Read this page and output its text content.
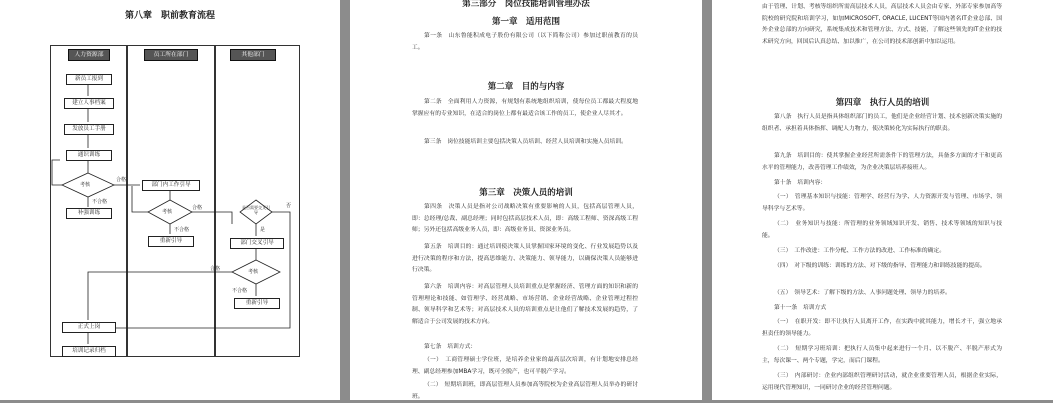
第八章　职前教育流程
人力资源部	员工所在部门	其他部门
新员工报到
建立人事档案
发放员工手册
通识训练
考核
补强训练
合格
不合格
部门内工作引导
考核
合格
不合格
重新引导
是否需要交叉引导
否
是
部门交叉引导
考核
合格
不合格
重新引导
正式上岗
培训记录归档
第三部分　岗位技能培训管理办法
第一章　适用范围
第一条　山东鲁能积成电子股份有限公司（以下简称公司）参加过职前教育的员工。
第二章　目的与内容
第二条　全面利用人力资源，有规划有系统地组织培训，使每位员工都最大程度地掌握应有的专业知识，在适合的岗位上都有最适合该工作的员工，使企业人尽其才。
第三条　岗位技能培训主要包括决策人员培训、经营人员培训和实施人员培训。
第三章　决策人员的培训
第四条　决策人员是指对公司战略决策有重要影响的人员，包括高层管理人员，即：总经理/总裁、副总经理；同时包括高层技术人员，即：高级工程师、资深高级工程师；另外还包括高级业务人员，即：高级业务员、资深业务员。
第五条　培训目的：通过培训使决策人员掌握国家环境的变化、行业发展趋势以及进行决策的程序和方法，提高思维能力、决策能力、领导能力，以确保决策人员能够进行决策。
第六条　培训内容：对高层管理人员培训重点是掌握经济、管理方面的知识和新的管理理论和技能、如管理学、经营战略、市场营销、企业经营战略、企业管理过程控制、领导科学和艺术等；对高层技术人员的培训重点是让他们了解技术发展的趋势，了解适合于公司发展的技术方向。
第七条　培训方式：
（一）　工商管理硕士学位班，是培养企业家的最高层次培训，有计划地安排总经理、副总经理参加MBA学习，既可全脱产，也可半脱产学习。
（二）　短期培训班，即高层管理人员参加高等院校为企业高层管理人员举办的研讨班。
由于管理、计划、考核等组织所需高层技术人员，高层技术人员会由专家、外部专家参加高等院校的研究院和培训学习，如加MICROSOFT, ORACLE, LUCENT等国内著名IT企业总部、国外企业总部的方向研究，系统集成技术和管理方法、方式、技能，了解这些领先的IT企业的技术研究方向，回国后认真总结、加以推广，在公司的技术部创新中加以运用。
第四章　执行人员的培训
第八条　执行人员是指具体组织部门的员工，他们是企业经营计划、技术创新决策实施的组织者、承担着具体指挥、调配人力物力，使决策转化为实际执行的职责。
第九条　培训目的：使其掌握企业经营所需条件下的管理方法，具备多方面的才干和更高水平的管理能力，改善管理工作绩效，为企业决策层培养接班人。
第十条　培训内容：
（一）　管理基本知识与技能：管理学、经营行为学、人力资源开发与管理、市场学、领导科学与艺术等。
（二）　业务知识与技能：所管理的业务领域知识开发、销售、技术等领域的知识与技能。
（三）　工作改进：工作分配、工作方法的改进、工作标准的确定。
（四）　对下级的训练：训练的方法、对下级的指导、管理能力和训练技能的提高。
（五）　领导艺术：了解下级的方法、人事问题处理、领导力的培养。
第十一条　培训方式
（一）　在职开发：即不让执行人员离开工作，在实践中就其能力，增长才干，强立地承担责任的领导能力。
（二）　短期学习班培训：把执行人员集中起来进行一个月、以不脱产、半脱产形式为主，每次课一、两个专题，学完，而后门课程。
（三）　内部研讨：企业内部组织管理研讨活动，就企业重要管理人员，根据企业实际，运用现代管理知识，一同研讨企业的经营管理问题。
